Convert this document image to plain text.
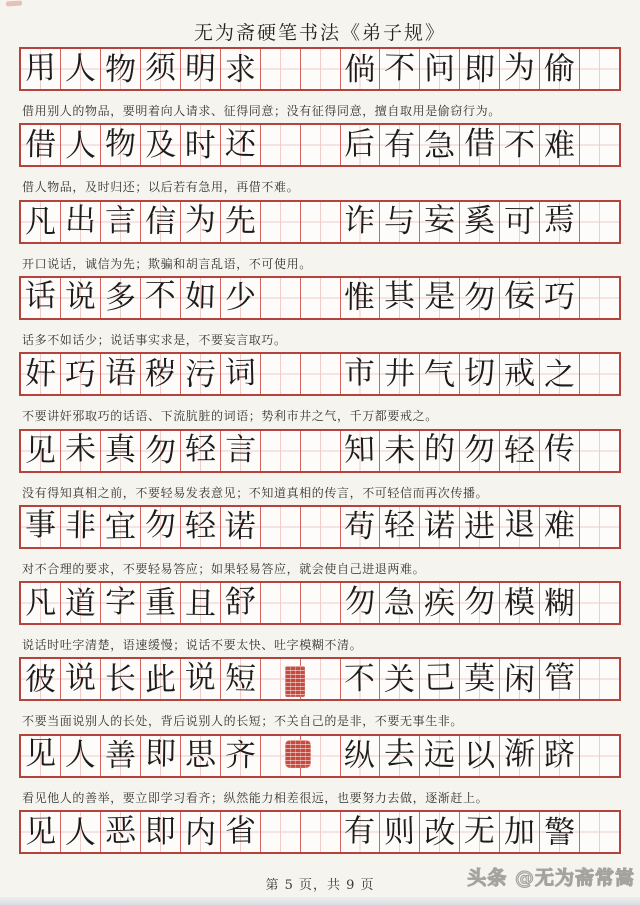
无为斋硬笔书法《弟子规》
用 人 物 须 明 求	倘 不 问 即 为 偷
借用别人的物品，要明着向人请求、征得同意；没有征得同意，擅自取用是偷窃行为。
借 人 物 及 时 还	后 有 急 借 不 难
借人物品，及时归还；以后若有急用，再借不难。
凡 出 言 信 为 先	诈 与 妄 奚 可 焉
开口说话，诚信为先；欺骗和胡言乱语，不可使用。
话 说 多 不 如 少	惟 其 是 勿 佞 巧
话多不如话少；说话事实求是，不要妄言取巧。
奸 巧 语 秽 污 词	市 井 气 切 戒 之
不要讲奸邪取巧的话语、下流肮脏的词语；势利市井之气，千万都要戒之。
见 未 真 勿 轻 言	知 未 的 勿 轻 传
没有得知真相之前，不要轻易发表意见；不知道真相的传言，不可轻信而再次传播。
事 非 宜 勿 轻 诺	苟 轻 诺 进 退 难
对不合理的要求，不要轻易答应；如果轻易答应，就会使自己进退两难。
凡 道 字 重 且 舒	勿 急 疾 勿 模 糊
说话时吐字清楚，语速缓慢；说话不要太快、吐字模糊不清。
彼 说 长 此 说 短	不 关 己 莫 闲 管
不要当面说别人的长处，背后说别人的长短；不关自己的是非，不要无事生非。
见 人 善 即 思 齐	纵 去 远 以 渐 跻
看见他人的善举，要立即学习看齐；纵然能力相差很远，也要努力去做，逐渐赶上。
见 人 恶 即 内 省	有 则 改 无 加 警
第 5 页，共 9 页	头条 @无为斋常嵩
